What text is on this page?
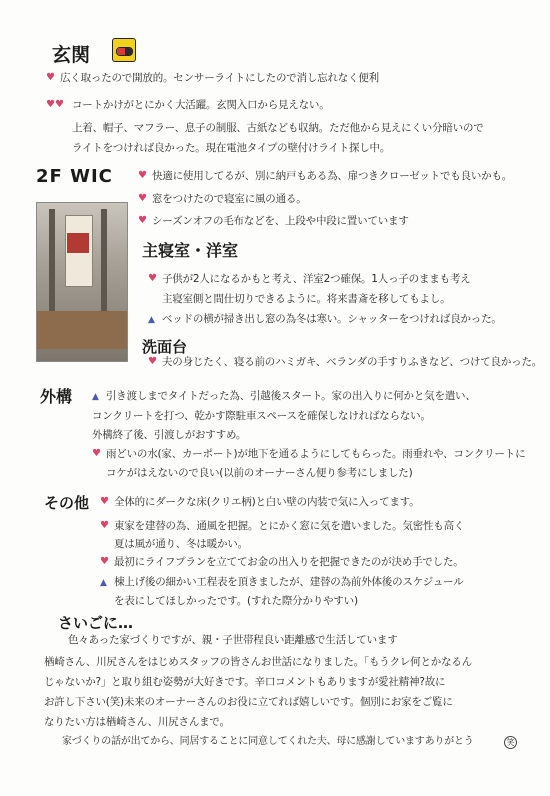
玄関
♥ 広く取ったので開放的。センサーライトにしたので消し忘れなく便利
♥♥ コートかけがとにかく大活躍。玄関入口から見えない。
上着、帽子、マフラー、息子の制服、古紙なども収納。ただ他から見えにくい分暗いので
ライトをつければ良かった。現在電池タイプの壁付けライト探し中。
2F WIC	♥ 快適に使用してるが、別に納戸もある為、扉つきクローゼットでも良いかも。
♥ 窓をつけたので寝室に風の通る。
♥ シーズンオフの毛布などを、上段や中段に置いています
主寝室・洋室
♥ 子供が2人になるかもと考え、洋室2つ確保。1人っ子のままも考え
主寝室側と間仕切りできるように。将来書斎を移してもよし。
▲ ベッドの横が掃き出し窓の為冬は寒い。シャッターをつければ良かった。
洗面台
♥ 夫の身じたく、寝る前のハミガキ、ベランダの手すりふきなど、つけて良かった。
外構 ▲ 引き渡しまでタイトだった為、引越後スタート。家の出入りに何かと気を遣い、
コンクリートを打つ、乾かす際駐車スペースを確保しなければならない。
外構終了後、引渡しがおすすめ。
♥ 雨どいの水(家、カーポート)が地下を通るようにしてもらった。雨垂れや、コンクリートに
コケがはえないので良い(以前のオーナーさん便り参考にしました)
その他 ♥ 全体的にダークな床(クリエ柄)と白い壁の内装で気に入ってます。
♥ 東家を建替の為、通風を把握。とにかく窓に気を遣いました。気密性も高く
夏は風が通り、冬は暖かい。
♥ 最初にライフプランを立ててお金の出入りを把握できたのが決め手でした。
▲ 棟上げ後の細かい工程表を頂きましたが、建替の為前外体後のスケジュール
を表にしてほしかったです。(すれた際分かりやすい)
さいごに…
色々あった家づくりですが、親・子世帯程良い距離感で生活しています
楢崎さん、川尻さんをはじめスタッフの皆さんお世話になりました。「もうクレ何とかなるん
じゃないか?」と取り組む姿勢が大好きです。辛口コメントもありますが愛社精神?故に
お許し下さい(笑)未来のオーナーさんのお役に立てれば嬉しいです。個別にお家をご覧に
なりたい方は楢崎さん、川尻さんまで。
家づくりの話が出てから、同居することに同意してくれた夫、母に感謝していますありがとう	笑
